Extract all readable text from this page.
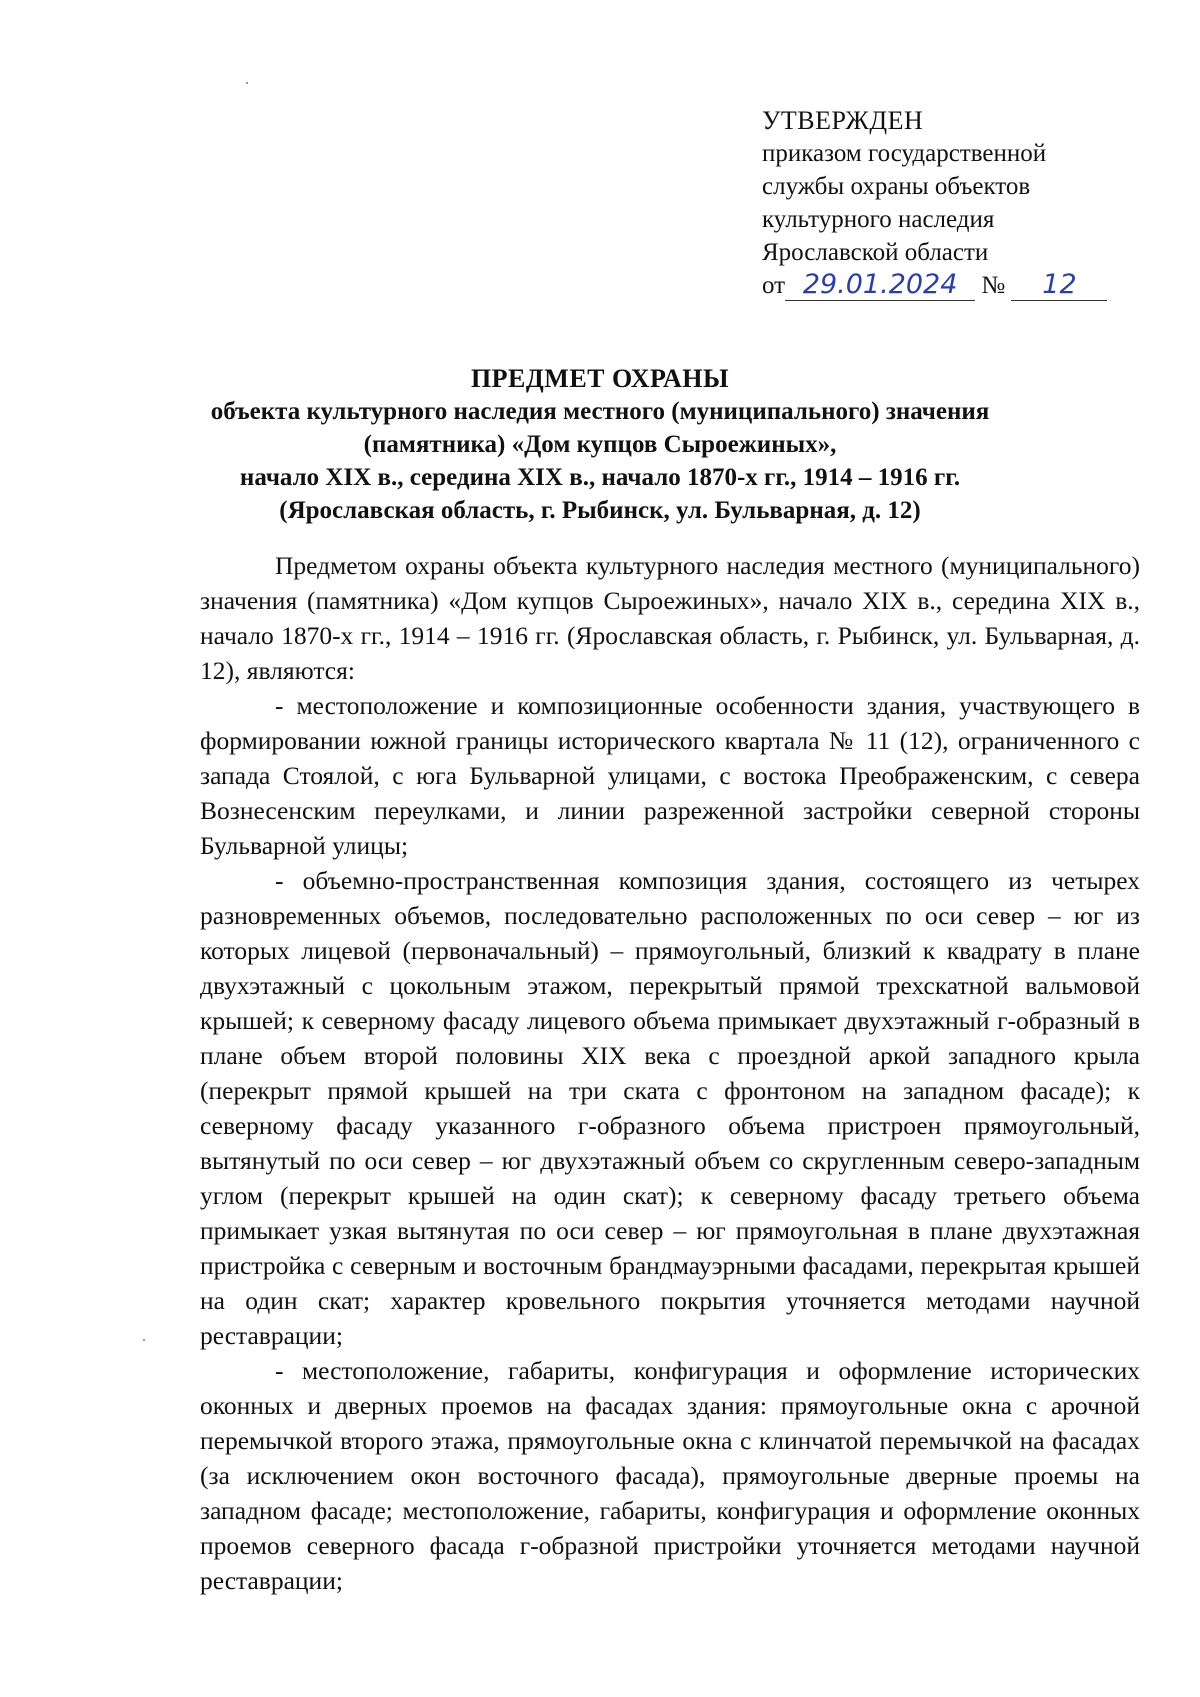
УТВЕРЖДЕН
приказом государственной
службы охраны объектов
культурного наследия
Ярославской области
от 29.01.2024 № 12
ПРЕДМЕТ ОХРАНЫ
объекта культурного наследия местного (муниципального) значения
(памятника) «Дом купцов Сыроежиных»,
начало XIX в., середина XIX в., начало 1870-х гг., 1914 – 1916 гг.
(Ярославская область, г. Рыбинск, ул. Бульварная, д. 12)

Предметом охраны объекта культурного наследия местного (муниципального) значения (памятника) «Дом купцов Сыроежиных», начало XIX в., середина XIX в., начало 1870-х гг., 1914 – 1916 гг. (Ярославская область, г. Рыбинск, ул. Бульварная, д. 12), являются:

- местоположение и композиционные особенности здания, участвующего в формировании южной границы исторического квартала № 11 (12), ограниченного с запада Стоялой, с юга Бульварной улицами, с востока Преображенским, с севера Вознесенским переулками, и линии разреженной застройки северной стороны Бульварной улицы;

- объемно-пространственная композиция здания, состоящего из четырех разновременных объемов, последовательно расположенных по оси север – юг из которых лицевой (первоначальный) – прямоугольный, близкий к квадрату в плане двухэтажный с цокольным этажом, перекрытый прямой трехскатной вальмовой крышей; к северному фасаду лицевого объема примыкает двухэтажный г-образный в плане объем второй половины XIX века с проездной аркой западного крыла (перекрыт прямой крышей на три ската с фронтоном на западном фасаде); к северному фасаду указанного г-образного объема пристроен прямоугольный, вытянутый по оси север – юг двухэтажный объем со скругленным северо-западным углом (перекрыт крышей на один скат); к северному фасаду третьего объема примыкает узкая вытянутая по оси север – юг прямоугольная в плане двухэтажная пристройка с северным и восточным брандмауэрными фасадами, перекрытая крышей на один скат; характер кровельного покрытия уточняется методами научной реставрации;

- местоположение, габариты, конфигурация и оформление исторических оконных и дверных проемов на фасадах здания: прямоугольные окна с арочной перемычкой второго этажа, прямоугольные окна с клинчатой перемычкой на фасадах (за исключением окон восточного фасада), прямоугольные дверные проемы на западном фасаде; местоположение, габариты, конфигурация и оформление оконных проемов северного фасада г-образной пристройки уточняется методами научной реставрации;
